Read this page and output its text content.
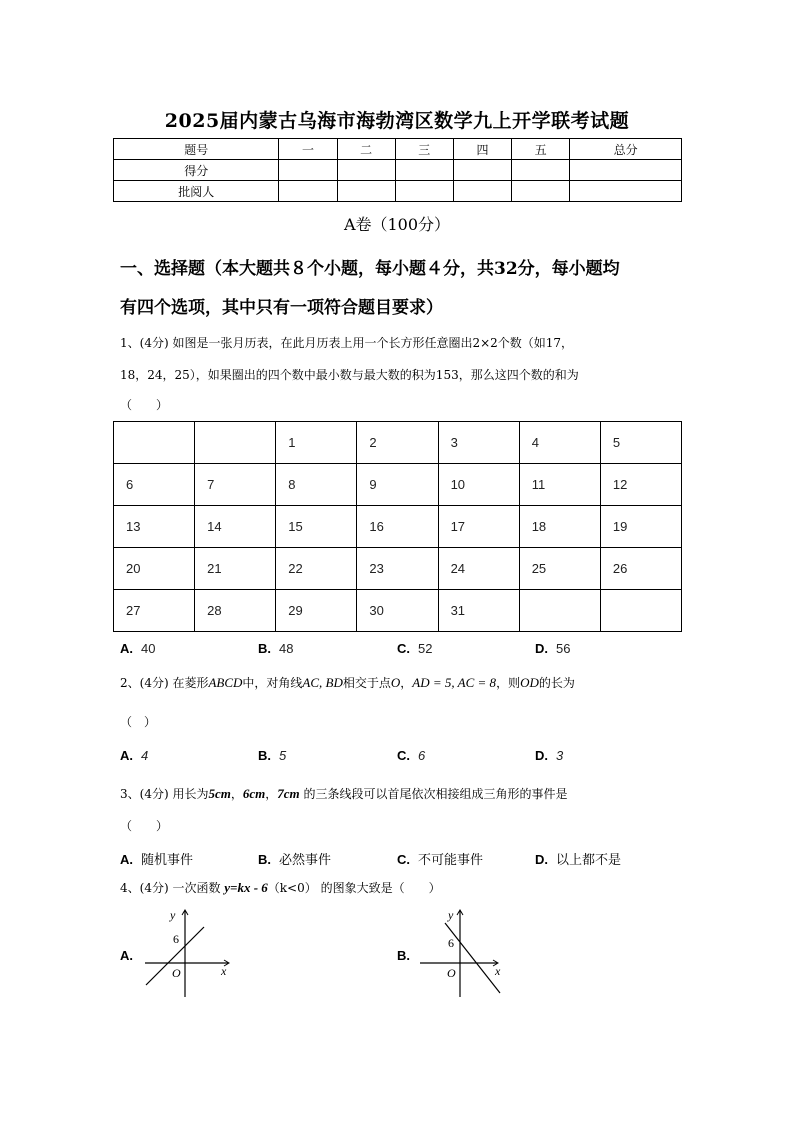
2025届内蒙古乌海市海勃湾区数学九上开学联考试题
题号	一	二	三	四	五	总分
得分						
批阅人						
A卷（100分）
一、选择题（本大题共８个小题，每小题４分，共32分，每小题均
有四个选项，其中只有一项符合题目要求）
1、(4分) 如图是一张月历表，在此月历表上用一个长方形任意圈出2×2个数（如17，
18，24，25），如果圈出的四个数中最小数与最大数的积为153，那么这四个数的和为
（　　）
		1	2	3	4	5
6	7	8	9	10	11	12
13	14	15	16	17	18	19
20	21	22	23	24	25	26
27	28	29	30	31		
A. 40	B. 48	C. 52	D. 56
2、(4分) 在菱形ABCD中，对角线AC, BD相交于点O，AD = 5, AC = 8，则OD的长为
（　）
A. 4	B. 5	C. 6	D. 3
3、(4分) 用长为5cm，6cm，7cm 的三条线段可以首尾依次相接组成三角形的事件是
（　　）
A. 随机事件	B. 必然事件	C. 不可能事件	D. 以上都不是
4、(4分) 一次函数 y=kx - 6（k<0） 的图象大致是（　　）
A.
y
x
O
6
B.
y
x
O
6
